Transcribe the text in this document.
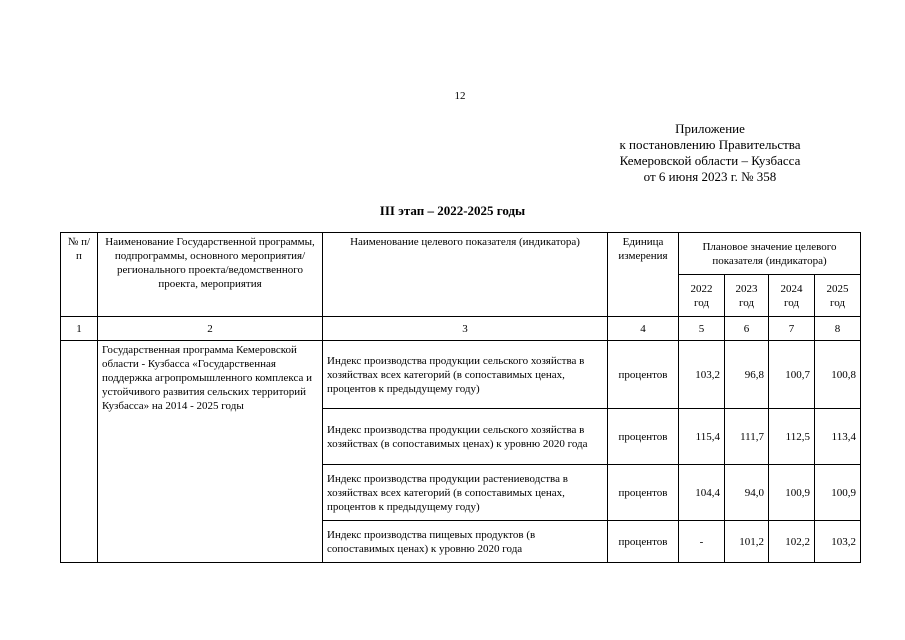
12
Приложение
к постановлению Правительства
Кемеровской области – Кузбасса
от 6 июня 2023 г. № 358
III этап – 2022-2025 годы
№ п/п	Наименование Государственной программы, подпрограммы, основного мероприятия/регионального проекта/ведомственного проекта, мероприятия	Наименование целевого показателя (индикатора)	Единица измерения	Плановое значение целевого показателя (индикатора)			
				2022 год	2023 год	2024 год	2025 год
1	2	3	4	5	6	7	8
	Государственная программа Кемеровской области - Кузбасса «Государственная поддержка агропромышленного комплекса и устойчивого развития сельских территорий Кузбасса» на 2014 - 2025 годы	Индекс производства продукции сельского хозяйства в хозяйствах всех категорий (в сопоставимых ценах, процентов к предыдущему году)	процентов	103,2	96,8	100,7	100,8
		Индекс производства продукции сельского хозяйства в хозяйствах (в сопоставимых ценах) к уровню 2020 года	процентов	115,4	111,7	112,5	113,4
		Индекс производства продукции растениеводства в хозяйствах всех категорий (в сопоставимых ценах, процентов к предыдущему году)	процентов	104,4	94,0	100,9	100,9
		Индекс производства пищевых продуктов (в сопоставимых ценах) к уровню 2020 года	процентов	-	101,2	102,2	103,2
